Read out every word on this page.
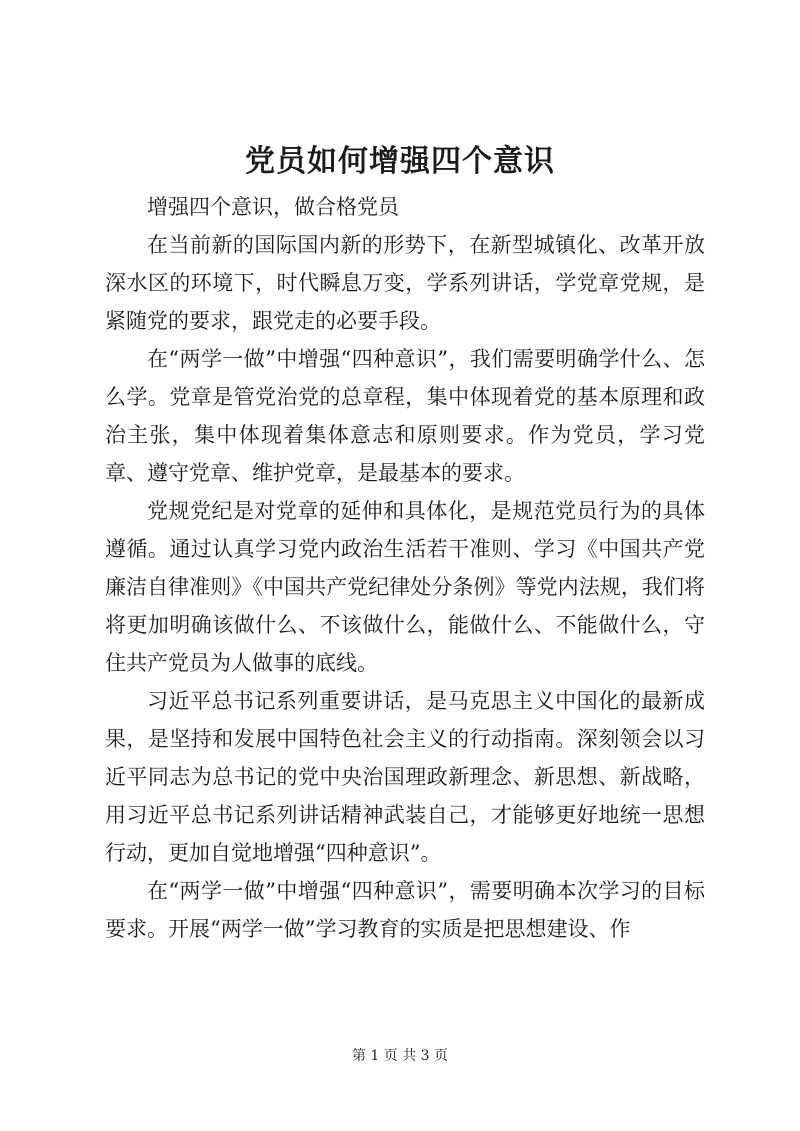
党员如何增强四个意识

增强四个意识，做合格党员

在当前新的国际国内新的形势下，在新型城镇化、改革开放深水区的环境下，时代瞬息万变，学系列讲话，学党章党规，是紧随党的要求，跟党走的必要手段。

在“两学一做”中增强“四种意识”，我们需要明确学什么、怎么学。党章是管党治党的总章程，集中体现着党的基本原理和政治主张，集中体现着集体意志和原则要求。作为党员，学习党章、遵守党章、维护党章，是最基本的要求。

党规党纪是对党章的延伸和具体化，是规范党员行为的具体遵循。通过认真学习党内政治生活若干准则、学习《中国共产党廉洁自律准则》《中国共产党纪律处分条例》等党内法规，我们将将更加明确该做什么、不该做什么，能做什么、不能做什么，守住共产党员为人做事的底线。

习近平总书记系列重要讲话，是马克思主义中国化的最新成果，是坚持和发展中国特色社会主义的行动指南。深刻领会以习近平同志为总书记的党中央治国理政新理念、新思想、新战略，用习近平总书记系列讲话精神武装自己，才能够更好地统一思想行动，更加自觉地增强“四种意识”。

在“两学一做”中增强“四种意识”，需要明确本次学习的目标要求。开展“两学一做”学习教育的实质是把思想建设、作

第 1 页 共 3 页
